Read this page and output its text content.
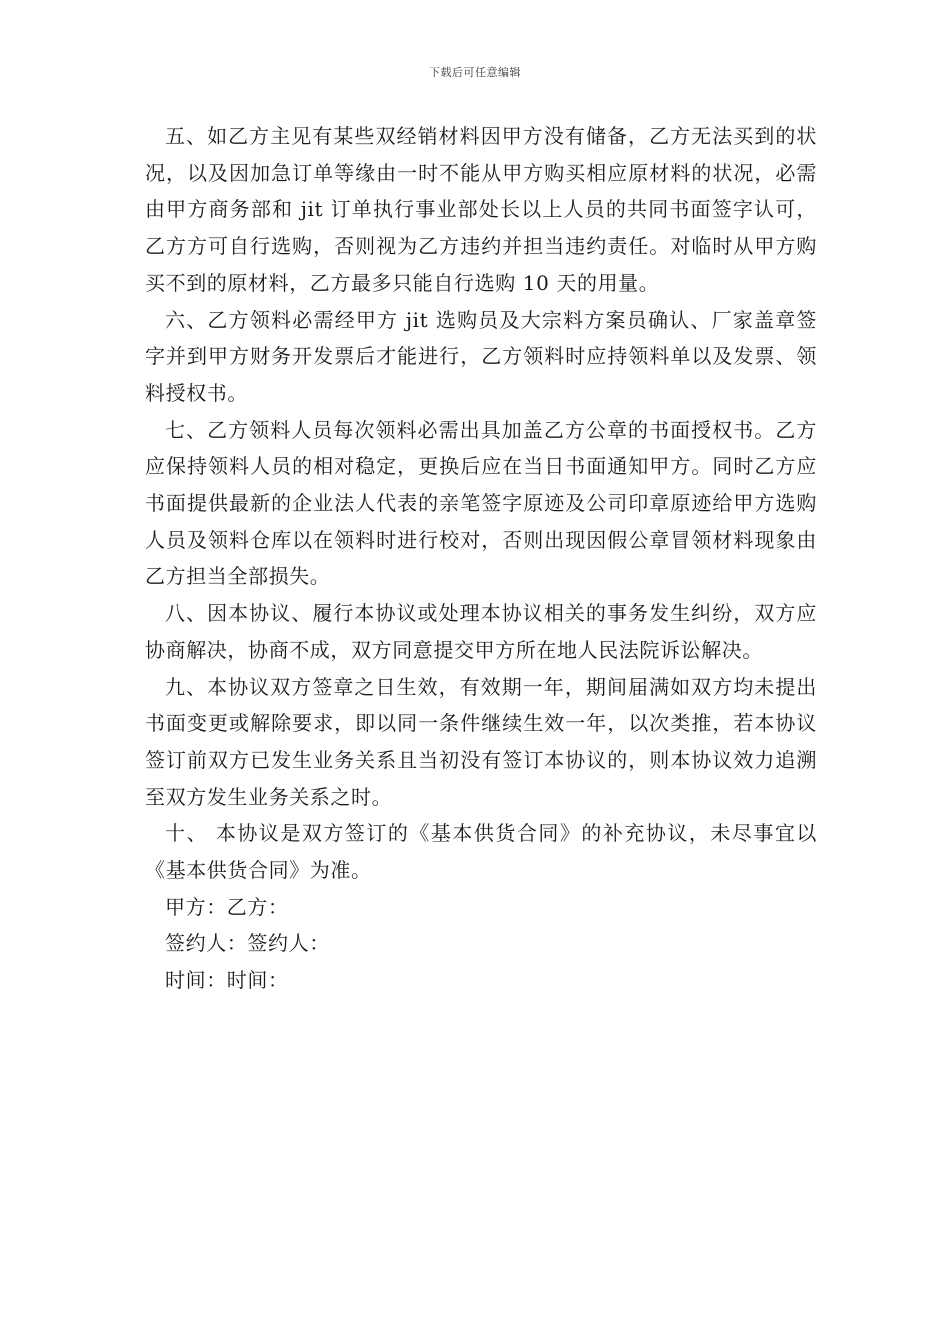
下载后可任意编辑

五、如乙方主见有某些双经销材料因甲方没有储备，乙方无法买到的状况，以及因加急订单等缘由一时不能从甲方购买相应原材料的状况，必需由甲方商务部和 jit 订单执行事业部处长以上人员的共同书面签字认可，乙方方可自行选购，否则视为乙方违约并担当违约责任。对临时从甲方购买不到的原材料，乙方最多只能自行选购 10 天的用量。

六、乙方领料必需经甲方 jit 选购员及大宗料方案员确认、厂家盖章签字并到甲方财务开发票后才能进行，乙方领料时应持领料单以及发票、领料授权书。

七、乙方领料人员每次领料必需出具加盖乙方公章的书面授权书。乙方应保持领料人员的相对稳定，更换后应在当日书面通知甲方。同时乙方应书面提供最新的企业法人代表的亲笔签字原迹及公司印章原迹给甲方选购人员及领料仓库以在领料时进行校对，否则出现因假公章冒领材料现象由乙方担当全部损失。

八、因本协议、履行本协议或处理本协议相关的事务发生纠纷，双方应协商解决，协商不成，双方同意提交甲方所在地人民法院诉讼解决。

九、本协议双方签章之日生效，有效期一年，期间届满如双方均未提出书面变更或解除要求，即以同一条件继续生效一年，以次类推，若本协议签订前双方已发生业务关系且当初没有签订本协议的，则本协议效力追溯至双方发生业务关系之时。

十、 本协议是双方签订的《基本供货合同》的补充协议，未尽事宜以《基本供货合同》为准。

甲方：乙方：

签约人：签约人：

时间：时间：
